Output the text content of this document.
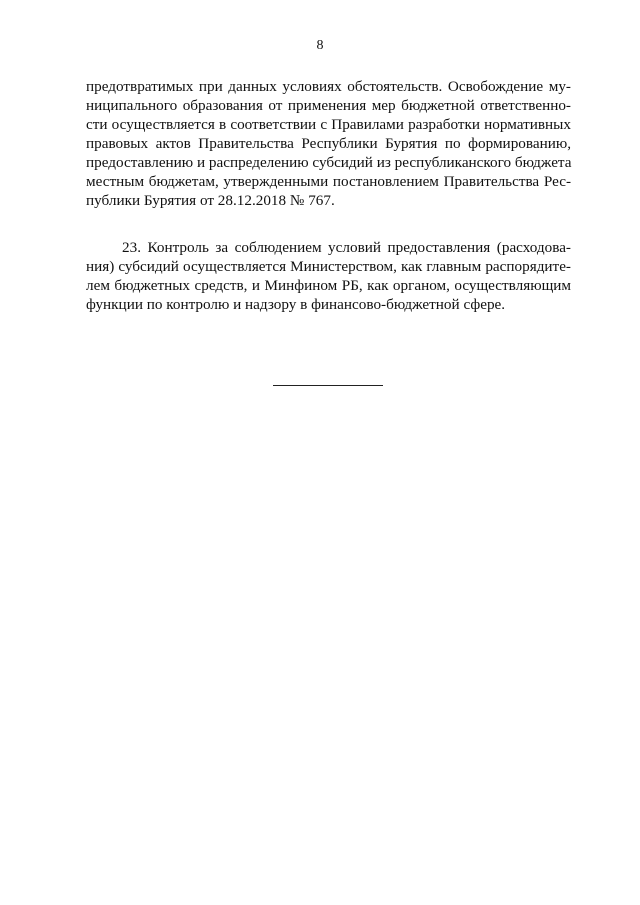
8
предотвратимых при данных условиях обстоятельств. Освобождение му-
ниципального образования от применения мер бюджетной ответственно-
сти осуществляется в соответствии с Правилами разработки нормативных
правовых актов Правительства Республики Бурятия по формированию,
предоставлению и распределению субсидий из республиканского бюджета
местным бюджетам, утвержденными постановлением Правительства Рес-
публики Бурятия от 28.12.2018 № 767.
23. Контроль за соблюдением условий предоставления (расходова-
ния) субсидий осуществляется Министерством, как главным распорядите-
лем бюджетных средств, и Минфином РБ, как органом, осуществляющим
функции по контролю и надзору в финансово-бюджетной сфере.
